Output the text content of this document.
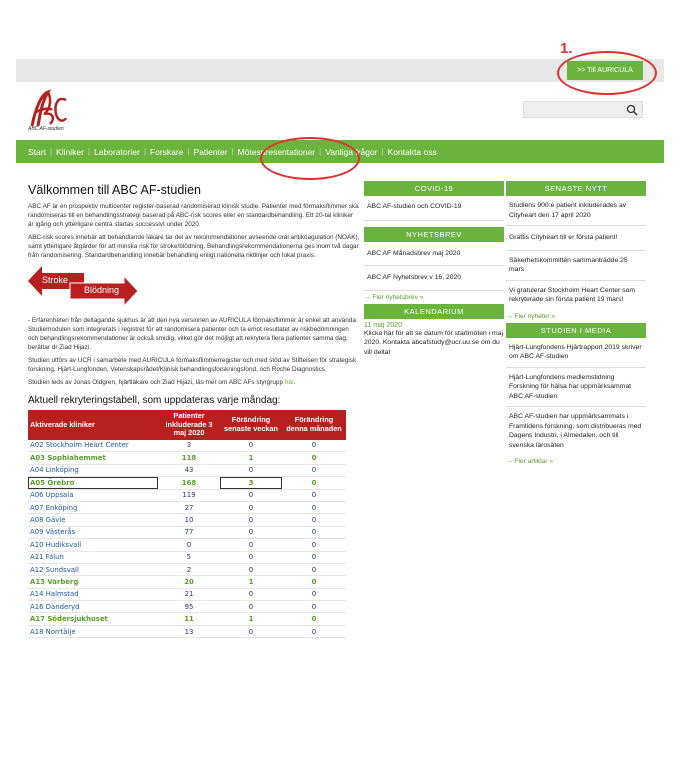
1.
>> Till AURICULA
ABC AF-studien
Start | Kliniker | Laboratorier | Forskare | Patienter | Mötespresentationer | Vanliga frågor | Kontakta oss
Välkommen till ABC AF-studien

ABC AF är en prospektiv multicenter register-baserad randomiserad klinisk studie. Patienter med förmaksflimmer ska randomiseras till en behandlingsstrategi baserad på ABC-risk scores eller en standardbehandling. Ett 20-tal kliniker är igång och ytterligare centra startas successivt under 2020.

ABC-risk scores innebär att behandlande läkare tar del av rekommendationer avseende oral antikoagulation (NOAK), samt ytterligare åtgärder för att minska risk för stroke/blödning. Behandlingsrekommendationerna ges inom två dagar från randomisering. Standardbehandling innebär behandling enligt nationella riktlinjer och lokal praxis.

Stroke
Blödning

- Erfarenheten från deltagande sjukhus är att den nya versionen av AURICULA förmaksflimmer är enkel att använda. Studiemodulen som integrerats i registret för att randomisera patienter och ta emot resultatet av riskbedömningen och behandlingsrekommendationer är också smidig, vilket gör det möjligt att rekrytera flera patienter samma dag, berättar dr Ziad Hijazi.

Studien utförs av UCR i samarbete med AURICULA förmaksflimmerregister och med stöd av Stiftelsen för strategisk forskning, Hjärt-Lungfonden, Vetenskapsrådet/Klinisk behandlingsforskningsfond, och Roche Diagnostics.

Studien leds av Jonas Oldgren, hjärtläkare och Ziad Hijazi, läs mer om ABC AFs styrgrupp här.

Aktuell rekryteringstabell, som uppdateras varje måndag:
Aktiverade kliniker	Patienter inkluderade 3 maj 2020	Förändring senaste veckan	Förändring denna månaden
A02 Stockholm Heart Center	3	0	0
A03 Sophiahemmet	118	1	0
A04 Linköping	43	0	0
A05 Örebro	168	3	0
A06 Uppsala	119	0	0
A07 Enköping	27	0	0
A08 Gävle	10	0	0
A09 Västerås	77	0	0
A10 Hudiksvall	0	0	0
A11 Falun	5	0	0
A12 Sundsvall	2	0	0
A13 Varberg	20	1	0
A14 Halmstad	21	0	0
A16 Danderyd	95	0	0
A17 Södersjukhuset	11	1	0
A18 Norrtälje	13	0	0
COVID-19
ABC AF-studien och COVID-19
NYHETSBREV
ABC AF Månadsbrev maj 2020
ABC AF Nyhetsbrev v 16, 2020
→ Fler nyhetsbrev »
KALENDARIUM
11 maj 2020
Klicka här för att se datum för startmöten i maj 2020. Kontakta abcafstudy@ucr.uu.se om du vill deltal
SENASTE NYTT
Studiens 900:e patient inkluderades av Cityheart den 17 april 2020
Grattis Cityheart till er första patient!
Säkerhetskommittén sammanträdde 25 mars
Vi gratulerar Stockholm Heart Center som rekryterade sin första patient 19 mars!
→ Fler nyheter »
STUDIEN I MEDIA
Hjärt-Lungfondens Hjärtrapport 2019 skriver om ABC AF-studien
Hjärt-Lungfondens medlemstidning Forskning för hälsa har uppmärksammat ABC AF-studien
ABC AF-studien har uppmärksammats i Framtidens forskning, som distribueras med Dagens Industri, i Almedalen, och till svenska lärosäten
→ Fler artiklar »
